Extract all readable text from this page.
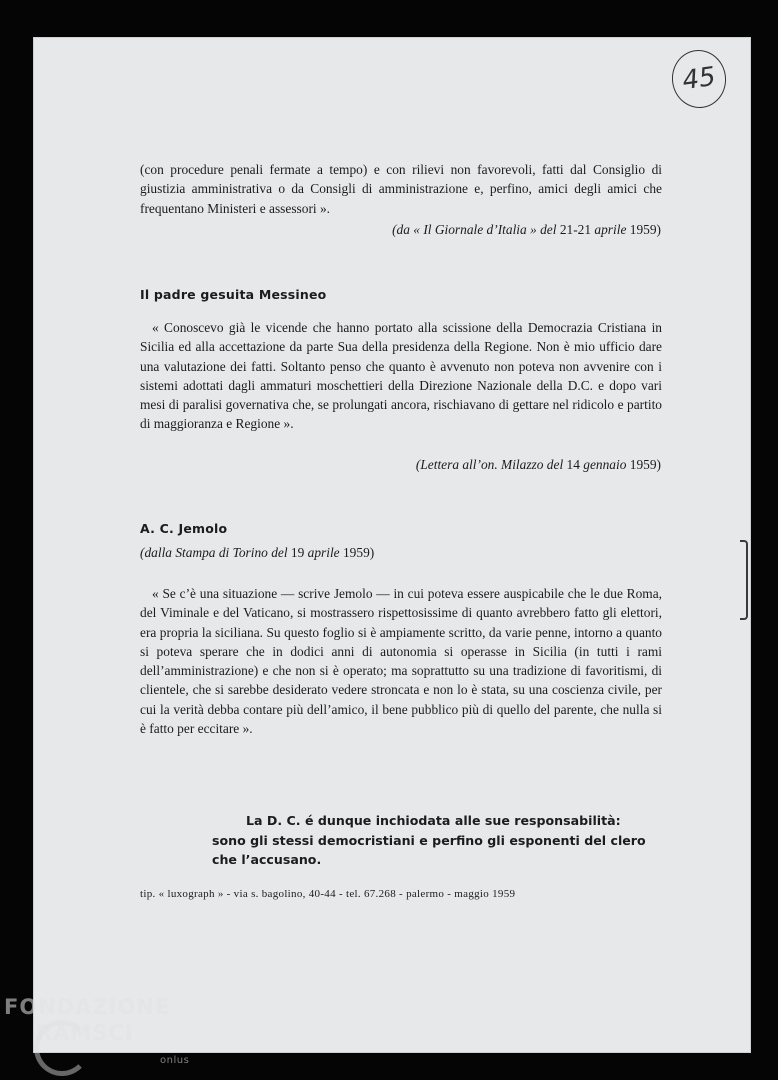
45

(con procedure penali fermate a tempo) e con rilievi non favorevoli, fatti dal Consiglio di giustizia amministrativa o da Consigli di amministrazione e, perfino, amici degli amici che frequentano Ministeri e assessori ».

(da « Il Giornale d’Italia » del 21-21 aprile 1959)

Il padre gesuita Messineo

« Conoscevo già le vicende che hanno portato alla scissione della Democrazia Cristiana in Sicilia ed alla accettazione da parte Sua della presidenza della Regione. Non è mio ufficio dare una valutazione dei fatti. Soltanto penso che quanto è avvenuto non poteva non avvenire con i sistemi adottati dagli ammaturi moschettieri della Direzione Nazionale della D.C. e dopo vari mesi di paralisi governativa che, se prolungati ancora, rischiavano di gettare nel ridicolo e partito di maggioranza e Regione ».

(Lettera all’on. Milazzo del 14 gennaio 1959)

A. C. Jemolo

(dalla Stampa di Torino del 19 aprile 1959)

« Se c’è una situazione — scrive Jemolo — in cui poteva essere auspicabile che le due Roma, del Viminale e del Vaticano, si mostrassero rispettosissime di quanto avrebbero fatto gli elettori, era propria la siciliana. Su questo foglio si è ampiamente scritto, da varie penne, intorno a quanto si poteva sperare che in dodici anni di autonomia si operasse in Sicilia (in tutti i rami dell’amministrazione) e che non si è operato; ma soprattutto su una tradizione di favoritismi, di clientele, che si sarebbe desiderato vedere stroncata e non lo è stata, su una coscienza civile, per cui la verità debba contare più dell’amico, il bene pubblico più di quello del parente, che nulla si è fatto per eccitare ».

La D. C. é dunque inchiodata alle sue responsabilità:
sono gli stessi democristiani e perfino gli esponenti del clero che l’accusano.

tip. « luxograph » - via s. bagolino, 40-44 - tel. 67.268 - palermo - maggio 1959

FONDAZIONE
RAMSCI
onlus
